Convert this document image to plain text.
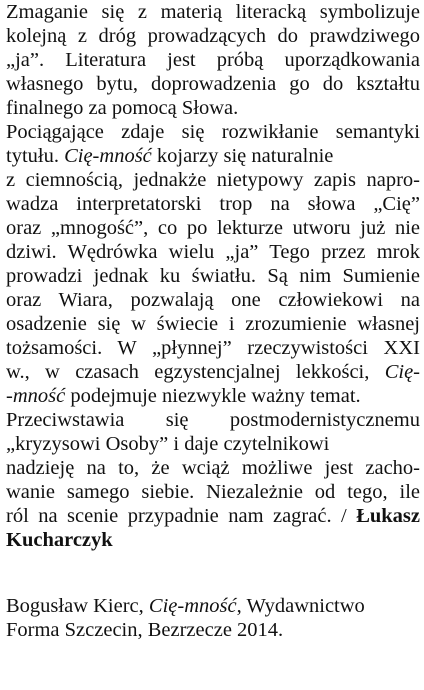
Zmaganie się z materią literacką symbolizuje
kolejną z dróg prowadzących do prawdziwego
„ja”. Literatura jest próbą uporządkowania
własnego bytu, doprowadzenia go do kształtu
finalnego za pomocą Słowa.
Pociągające zdaje się rozwikłanie semantyki
tytułu. Cię-mność kojarzy się naturalnie
z ciemnością, jednakże nietypowy zapis napro-
wadza interpretatorski trop na słowa „Cię”
oraz „mnogość”, co po lekturze utworu już nie
dziwi. Wędrówka wielu „ja” Tego przez mrok
prowadzi jednak ku światłu. Są nim Sumienie
oraz Wiara, pozwalają one człowiekowi na
osadzenie się w świecie i zrozumienie własnej
tożsamości. W „płynnej” rzeczywistości XXI
w., w czasach egzystencjalnej lekkości, Cię-
-mność podejmuje niezwykle ważny temat.
Przeciwstawia się postmodernistycznemu
„kryzysowi Osoby” i daje czytelnikowi
nadzieję na to, że wciąż możliwe jest zacho-
wanie samego siebie. Niezależnie od tego, ile
ról na scenie przypadnie nam zagrać. / Łukasz
Kucharczyk
Bogusław Kierc, Cię-mność, Wydawnictwo
Forma Szczecin, Bezrzecze 2014.
